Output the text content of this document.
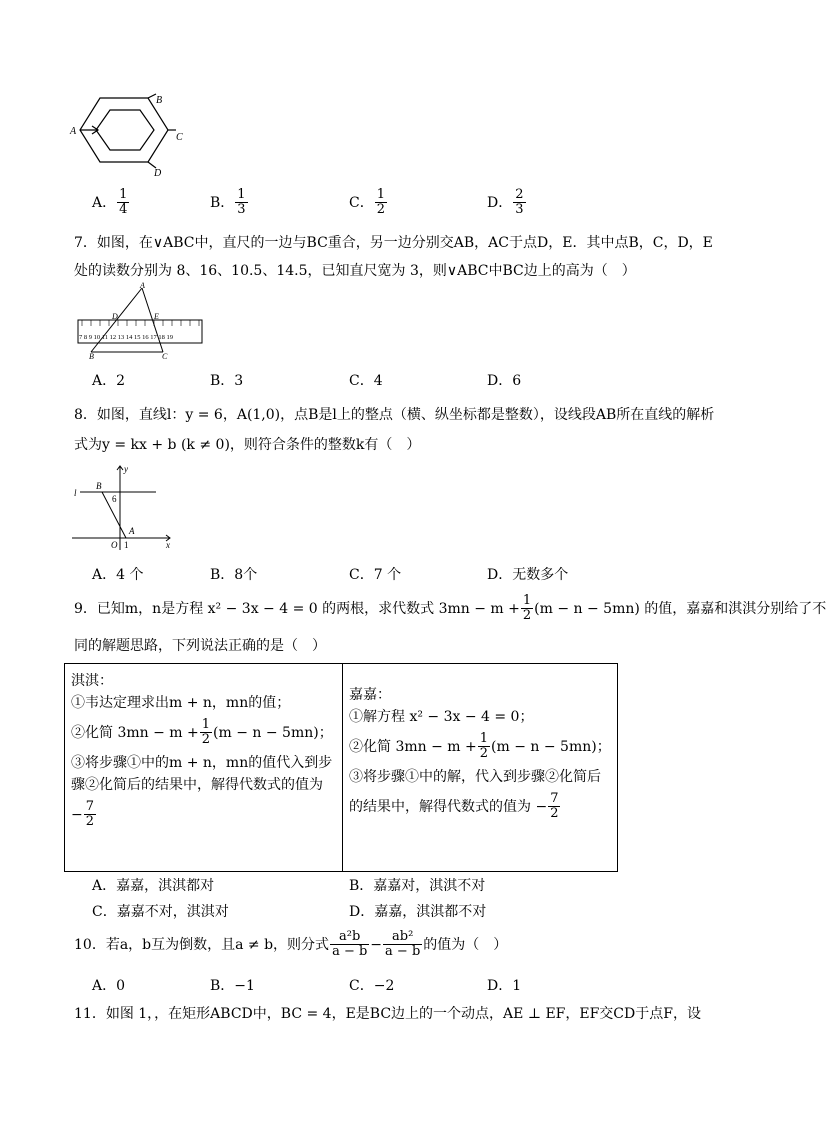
A
B
C
D
A． $\frac{1}{4}$	B． $\frac{1}{3}$	C． $\frac{1}{2}$	D． $\frac{2}{3}$
7．如图，在∨ABC中，直尺的一边与BC重合，另一边分别交AB，AC于点D，E．其中点B，C，D，E
处的读数分别为 8、16、10.5、14.5，已知直尺宽为 3，则∨ABC中BC边上的高为（　）
7 8 9 10 11 12 13 14 15 16 17 18 19
A
D	E
B	C
A．2	B．3	C．4	D．6
8．如图，直线l：y = 6，A(1,0)，点B是l上的整点（横、纵坐标都是整数），设线段AB所在直线的解析
式为y = kx + b (k ≠ 0)，则符合条件的整数k有（　）
l
B
y
6
A
O 1	x
A．4 个	B．8个	C．7 个	D．无数多个
9．已知m，n是方程 x² − 3x − 4 = 0 的两根，求代数式 $3mn - m + \frac{1}{2} (m - n - 5mn)$ 的值，嘉嘉和淇淇分别给了不
同的解题思路，下列说法正确的是（　）
淇淇：
①韦达定理求出m + n，mn的值；
②化简 $3mn - m + \frac{1}{2} (m - n - 5mn)$；
③将步骤①中的m + n，mn的值代入到步
骤②化简后的结果中，解得代数式的值为
− $\frac{7}{2}$

嘉嘉：
①解方程 x² − 3x − 4 = 0；
②化简 $3mn - m + \frac{1}{2} (m - n - 5mn)$；
③将步骤①中的解，代入到步骤②化简后
的结果中，解得代数式的值为 − $\frac{7}{2}$
A．嘉嘉，淇淇都对	B．嘉嘉对，淇淇不对
C．嘉嘉不对，淇淇对	D．嘉嘉，淇淇都不对
10．若a，b互为倒数，且a ≠ b，则分式 $\frac{\text{a²b}}{a - b} - \frac{\text{ab²}}{a - b}$ 的值为（　）
A．0	B．−1	C．−2	D．1
11．如图 1，，在矩形ABCD中，BC = 4，E是BC边上的一个动点，AE ⊥ EF，EF交CD于点F，设
